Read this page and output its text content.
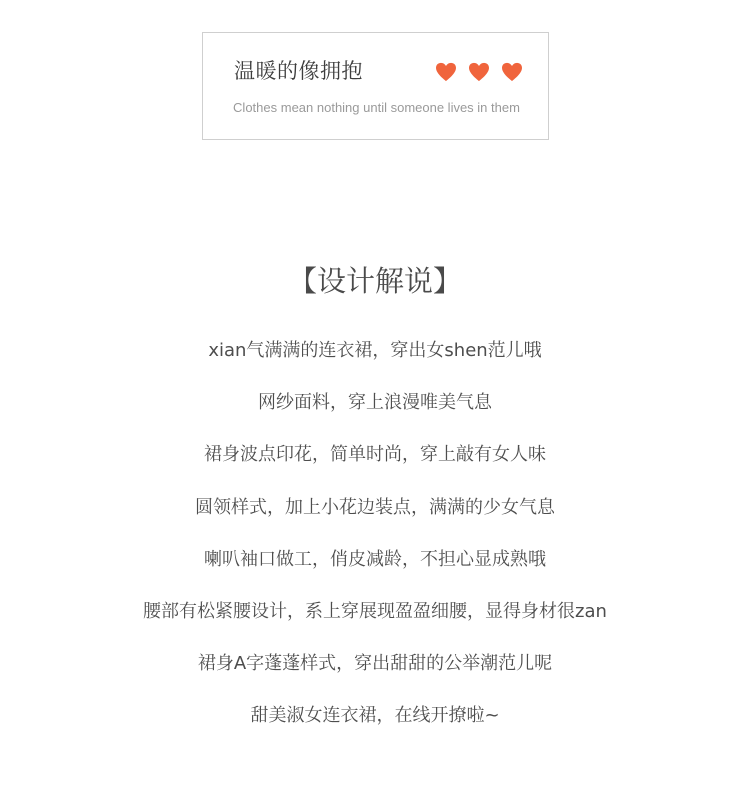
温暖的像拥抱
Clothes mean nothing until someone lives in them
【设计解说】
xian气满满的连衣裙，穿出女shen范儿哦
网纱面料，穿上浪漫唯美气息
裙身波点印花，简单时尚，穿上敲有女人味
圆领样式，加上小花边装点，满满的少女气息
喇叭袖口做工，俏皮减龄，不担心显成熟哦
腰部有松紧腰设计，系上穿展现盈盈细腰，显得身材很zan
裙身A字蓬蓬样式，穿出甜甜的公举潮范儿呢
甜美淑女连衣裙，在线开撩啦~
